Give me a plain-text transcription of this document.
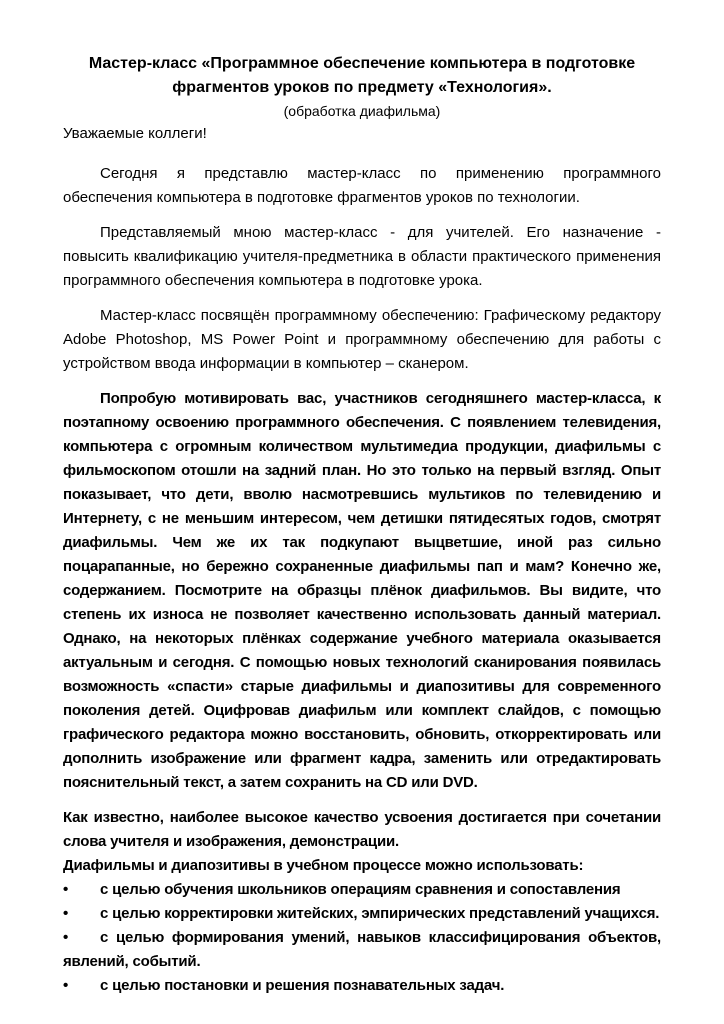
Мастер-класс «Программное обеспечение компьютера в подготовке фрагментов уроков по предмету «Технология».
(обработка диафильма)

Уважаемые коллеги!

Сегодня я представлю мастер-класс по применению программного обеспечения компьютера в подготовке фрагментов уроков по технологии.

Представляемый мною мастер-класс - для учителей. Его назначение - повысить квалификацию учителя-предметника в области практического применения программного обеспечения компьютера в подготовке урока.

Мастер-класс посвящён программному обеспечению: Графическому редактору Adobe Photoshop, MS Power Point и программному обеспечению для работы с устройством ввода информации в компьютер – сканером.

Попробую мотивировать вас, участников сегодняшнего мастер-класса, к поэтапному освоению программного обеспечения. С появлением телевидения, компьютера с огромным количеством мультимедиа продукции, диафильмы с фильмоскопом отошли на задний план. Но это только на первый взгляд. Опыт показывает, что дети, вволю насмотревшись мультиков по телевидению и Интернету, с не меньшим интересом, чем детишки пятидесятых годов, смотрят диафильмы. Чем же их так подкупают выцветшие, иной раз сильно поцарапанные, но бережно сохраненные диафильмы пап и мам? Конечно же, содержанием. Посмотрите на образцы плёнок диафильмов. Вы видите, что степень их износа не позволяет качественно использовать данный материал. Однако, на некоторых плёнках содержание учебного материала оказывается актуальным и сегодня. С помощью новых технологий сканирования появилась возможность «спасти» старые диафильмы и диапозитивы для современного поколения детей. Оцифровав диафильм или комплект слайдов, с помощью графического редактора можно восстановить, обновить, откорректировать или дополнить изображение или фрагмент кадра, заменить или отредактировать пояснительный текст, а затем сохранить на CD или DVD.

Как известно, наиболее высокое качество усвоения достигается при сочетании слова учителя и изображения, демонстрации.

Диафильмы и диапозитивы в учебном процессе можно использовать:

• с целью обучения школьников операциям сравнения и сопоставления

• с целью корректировки житейских, эмпирических представлений учащихся.

• с целью формирования умений, навыков классифицирования объектов, явлений, событий.

• с целью постановки и решения познавательных задач.
